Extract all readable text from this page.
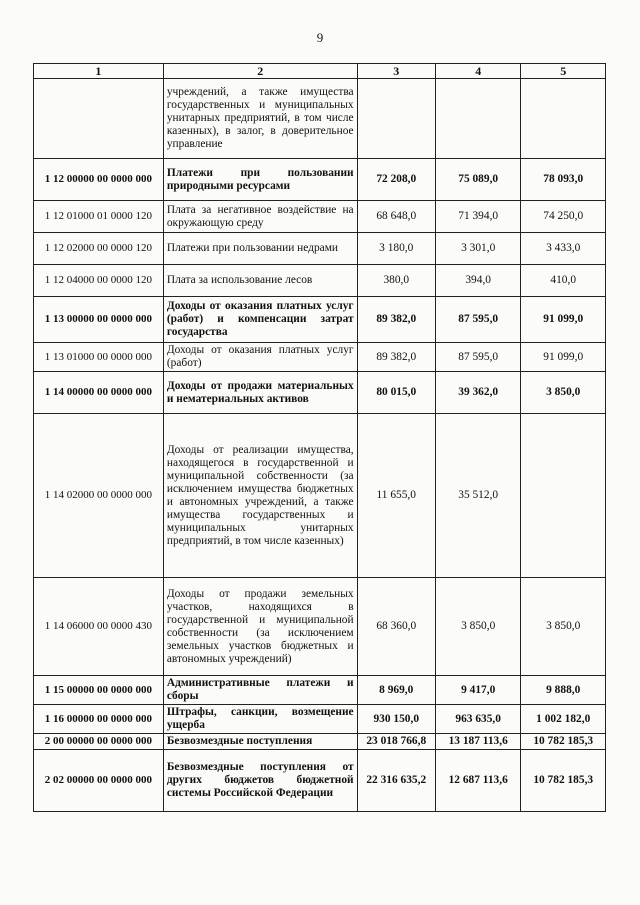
9
1	2	3	4	5
	учреждений, а также имущества государственных и муниципальных унитарных предприятий, в том числе казенных), в залог, в доверительное управление			
1 12 00000 00 0000 000	Платежи при пользовании природными ресурсами	72 208,0	75 089,0	78 093,0
1 12 01000 01 0000 120	Плата за негативное воздействие на окружающую среду	68 648,0	71 394,0	74 250,0
1 12 02000 00 0000 120	Платежи при пользовании недрами	3 180,0	3 301,0	3 433,0
1 12 04000 00 0000 120	Плата за использование лесов	380,0	394,0	410,0
1 13 00000 00 0000 000	Доходы от оказания платных услуг (работ) и компенсации затрат государства	89 382,0	87 595,0	91 099,0
1 13 01000 00 0000 000	Доходы от оказания платных услуг (работ)	89 382,0	87 595,0	91 099,0
1 14 00000 00 0000 000	Доходы от продажи материальных и нематериальных активов	80 015,0	39 362,0	3 850,0
1 14 02000 00 0000 000	Доходы от реализации имущества, находящегося в государственной и муниципальной собственности (за исключением имущества бюджетных и автономных учреждений, а также имущества государственных и муниципальных унитарных предприятий, в том числе казенных)	11 655,0	35 512,0	
1 14 06000 00 0000 430	Доходы от продажи земельных участков, находящихся в государственной и муниципальной собственности (за исключением земельных участков бюджетных и автономных учреждений)	68 360,0	3 850,0	3 850,0
1 15 00000 00 0000 000	Административные платежи и сборы	8 969,0	9 417,0	9 888,0
1 16 00000 00 0000 000	Штрафы, санкции, возмещение ущерба	930 150,0	963 635,0	1 002 182,0
2 00 00000 00 0000 000	Безвозмездные поступления	23 018 766,8	13 187 113,6	10 782 185,3
2 02 00000 00 0000 000	Безвозмездные поступления от других бюджетов бюджетной системы Российской Федерации	22 316 635,2	12 687 113,6	10 782 185,3
